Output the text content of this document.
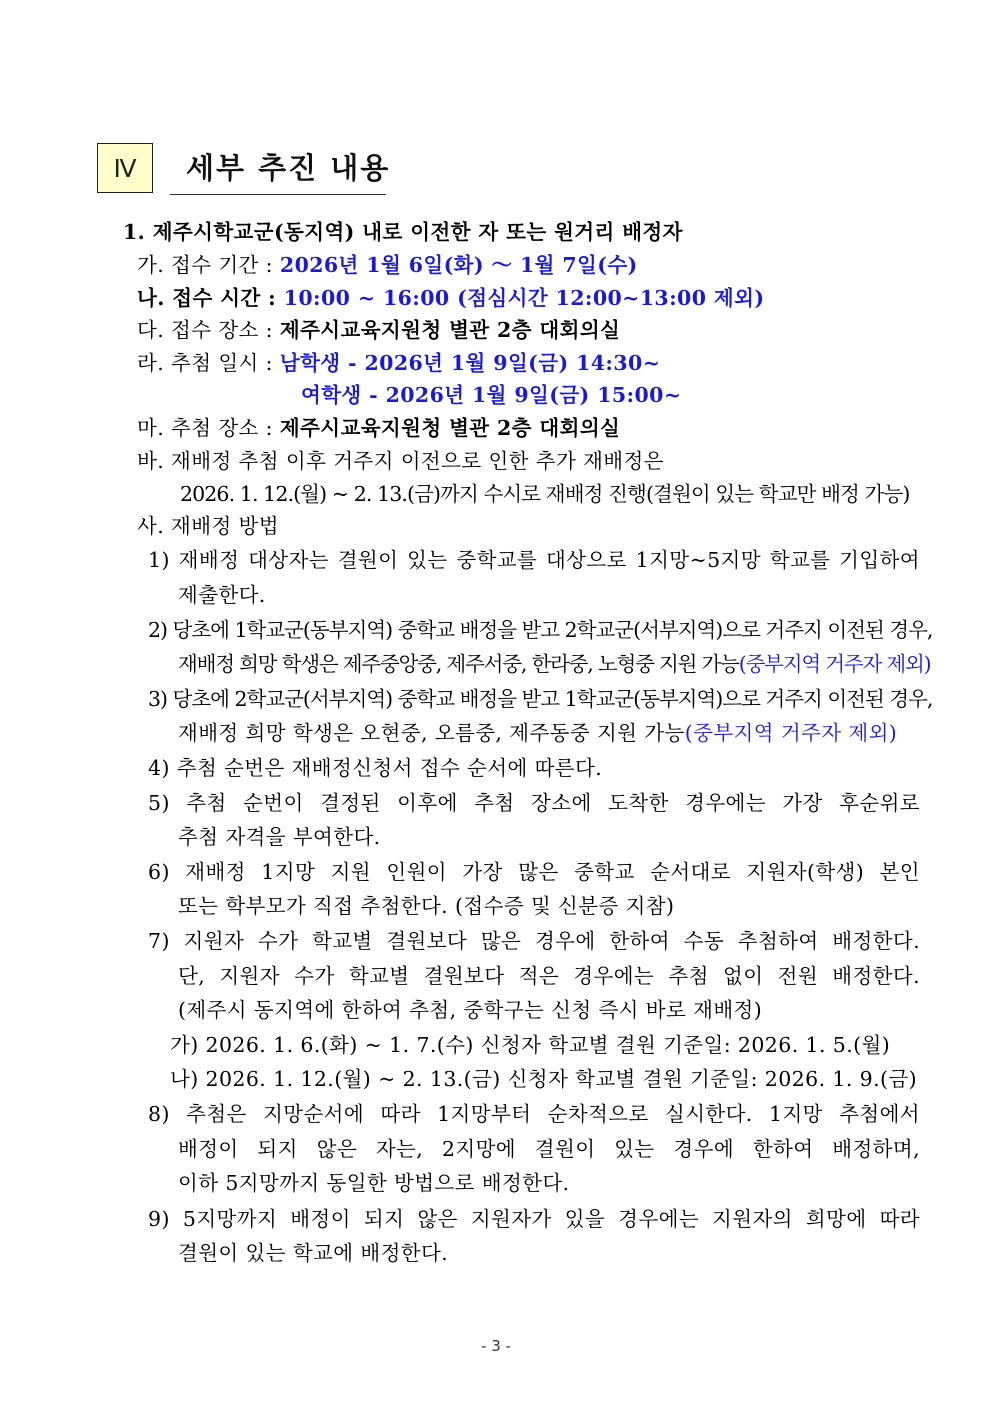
Ⅳ 세부 추진 내용
1. 제주시학교군(동지역) 내로 이전한 자 또는 원거리 배정자
가. 접수 기간 : 2026년 1월 6일(화) ～ 1월 7일(수)
나. 접수 시간 : 10:00 ~ 16:00 (점심시간 12:00~13:00 제외)
다. 접수 장소 : 제주시교육지원청 별관 2층 대회의실
라. 추첨 일시 : 남학생 - 2026년 1월 9일(금) 14:30~
여학생 - 2026년 1월 9일(금) 15:00~
마. 추첨 장소 : 제주시교육지원청 별관 2층 대회의실
바. 재배정 추첨 이후 거주지 이전으로 인한 추가 재배정은
2026. 1. 12.(월) ~ 2. 13.(금)까지 수시로 재배정 진행(결원이 있는 학교만 배정 가능)
사. 재배정 방법
1) 재배정 대상자는 결원이 있는 중학교를 대상으로 1지망~5지망 학교를 기입하여
제출한다.
2) 당초에 1학교군(동부지역) 중학교 배정을 받고 2학교군(서부지역)으로 거주지 이전된 경우,
재배정 희망 학생은 제주중앙중, 제주서중, 한라중, 노형중 지원 가능(중부지역 거주자 제외)
3) 당초에 2학교군(서부지역) 중학교 배정을 받고 1학교군(동부지역)으로 거주지 이전된 경우,
재배정 희망 학생은 오현중, 오름중, 제주동중 지원 가능(중부지역 거주자 제외)
4) 추첨 순번은 재배정신청서 접수 순서에 따른다.
5) 추첨 순번이 결정된 이후에 추첨 장소에 도착한 경우에는 가장 후순위로
추첨 자격을 부여한다.
6) 재배정 1지망 지원 인원이 가장 많은 중학교 순서대로 지원자(학생) 본인
또는 학부모가 직접 추첨한다. (접수증 및 신분증 지참)
7) 지원자 수가 학교별 결원보다 많은 경우에 한하여 수동 추첨하여 배정한다.
단, 지원자 수가 학교별 결원보다 적은 경우에는 추첨 없이 전원 배정한다.
(제주시 동지역에 한하여 추첨, 중학구는 신청 즉시 바로 재배정)
가) 2026. 1. 6.(화) ~ 1. 7.(수) 신청자 학교별 결원 기준일: 2026. 1. 5.(월)
나) 2026. 1. 12.(월) ~ 2. 13.(금) 신청자 학교별 결원 기준일: 2026. 1. 9.(금)
8) 추첨은 지망순서에 따라 1지망부터 순차적으로 실시한다. 1지망 추첨에서
배정이 되지 않은 자는, 2지망에 결원이 있는 경우에 한하여 배정하며,
이하 5지망까지 동일한 방법으로 배정한다.
9) 5지망까지 배정이 되지 않은 지원자가 있을 경우에는 지원자의 희망에 따라
결원이 있는 학교에 배정한다.
- 3 -
